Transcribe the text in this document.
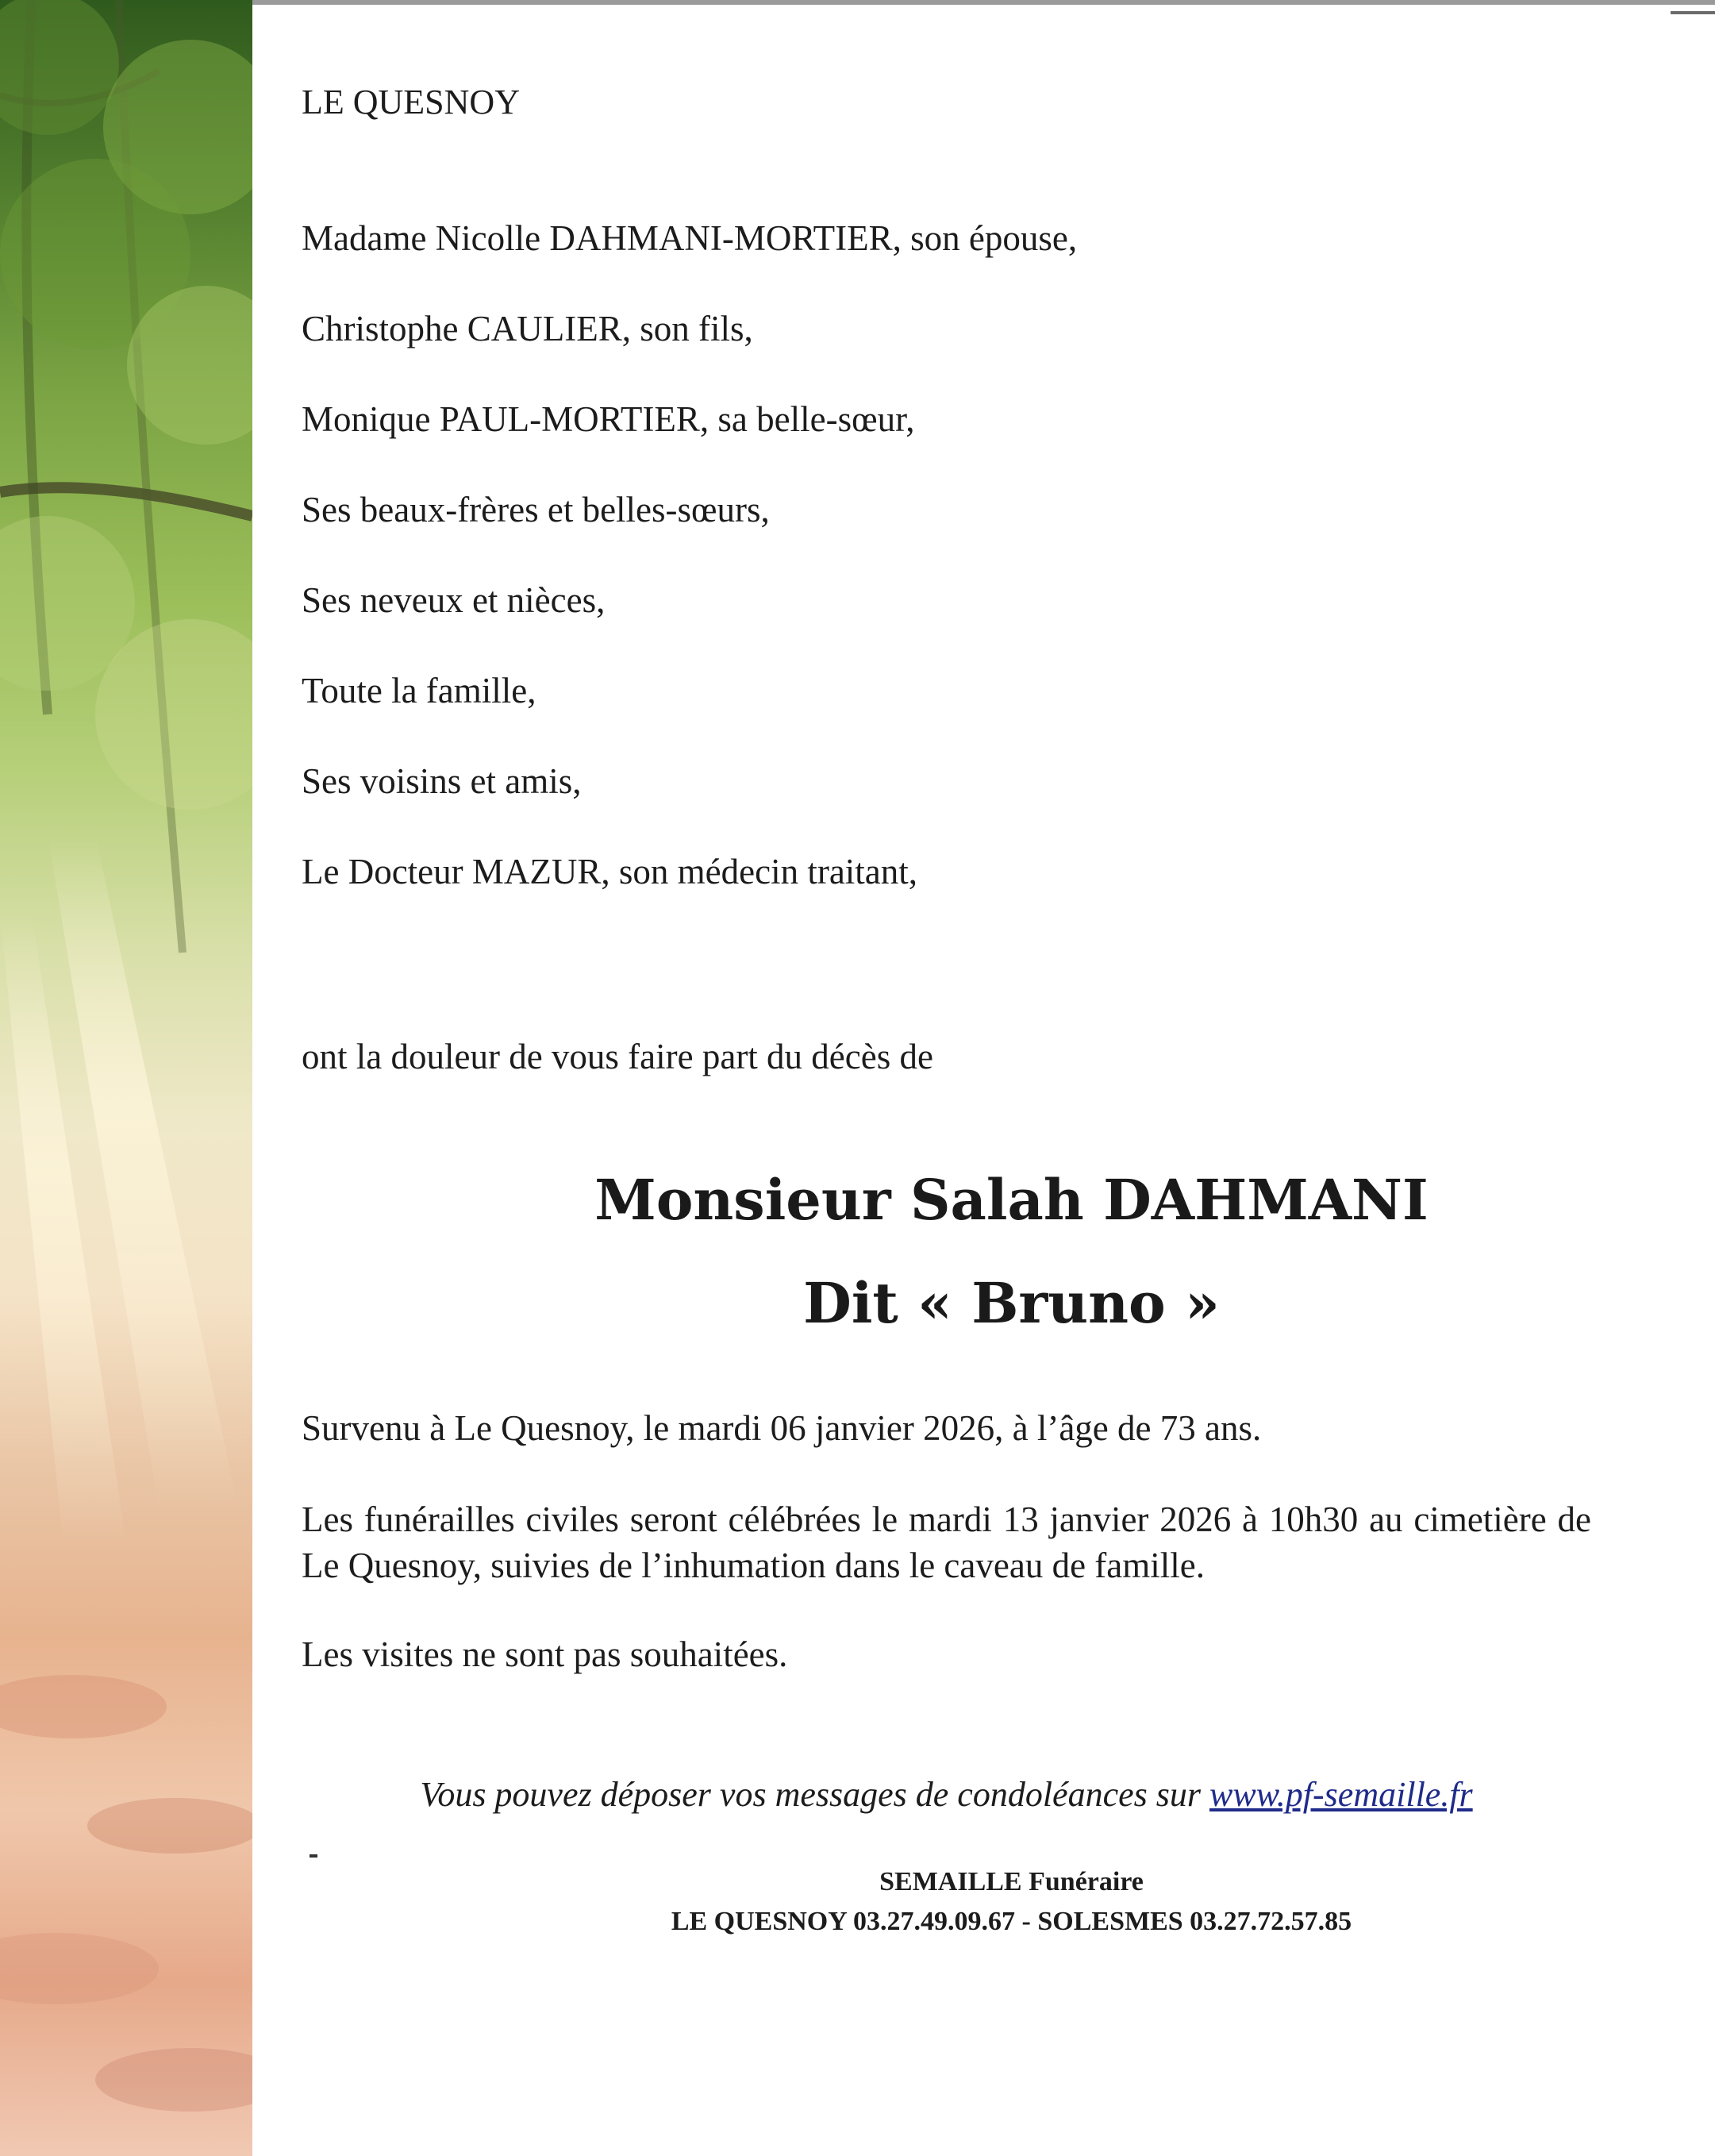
LE QUESNOY
Madame Nicolle DAHMANI-MORTIER, son épouse,
Christophe CAULIER, son fils,
Monique PAUL-MORTIER, sa belle-sœur,
Ses beaux-frères et belles-sœurs,
Ses neveux et nièces,
Toute la famille,
Ses voisins et amis,
Le Docteur MAZUR, son médecin traitant,
ont la douleur de vous faire part du décès de
Monsieur Salah DAHMANI
Dit « Bruno »
Survenu à Le Quesnoy, le mardi 06 janvier 2026, à l’âge de 73 ans.
Les funérailles civiles seront célébrées le mardi 13 janvier 2026 à 10h30 au cimetière de Le Quesnoy, suivies de l’inhumation dans le caveau de famille.
Les visites ne sont pas souhaitées.
Vous pouvez déposer vos messages de condoléances sur www.pf-semaille.fr
SEMAILLE Funéraire
LE QUESNOY 03.27.49.09.67 - SOLESMES 03.27.72.57.85
